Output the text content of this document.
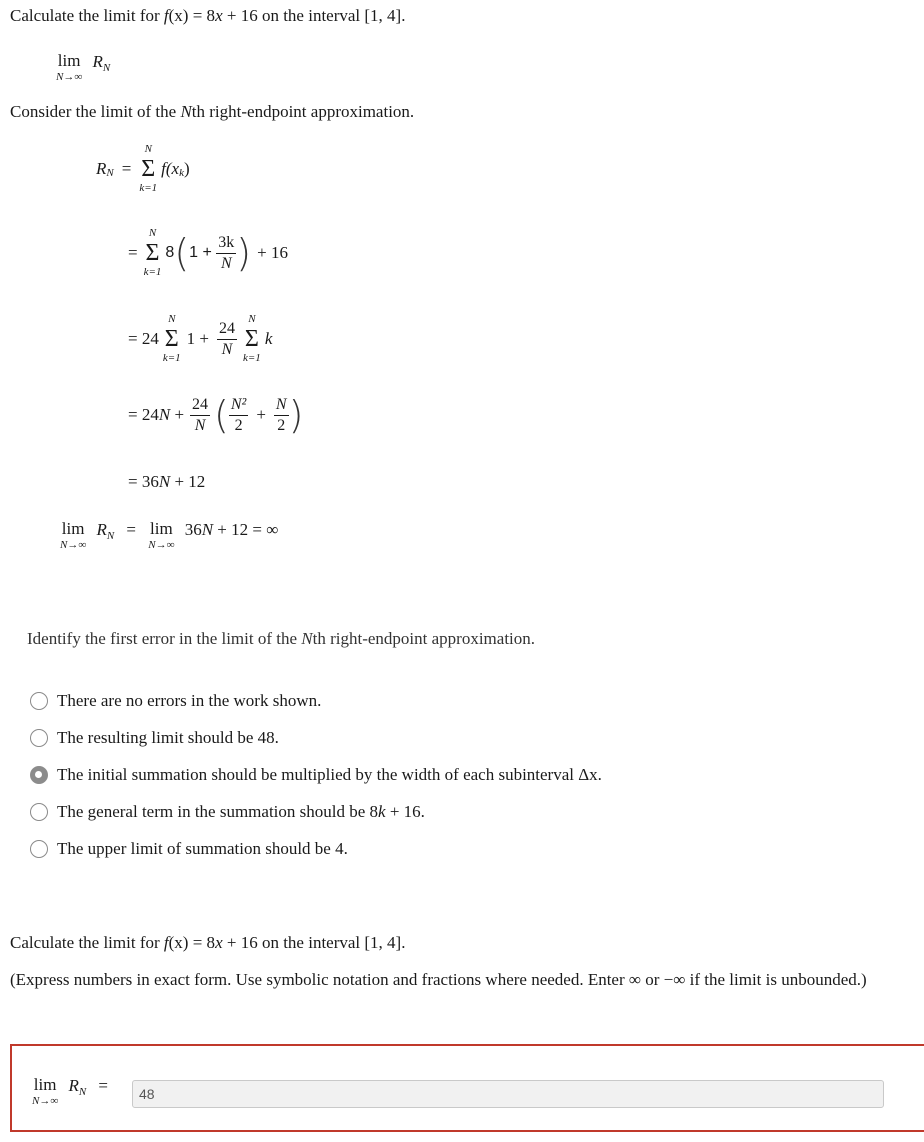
Calculate the limit for f(x) = 8x + 16 on the interval [1, 4].
lim
N→∞
$R_N$
Consider the limit of the Nth right-endpoint approximation.
R N =
N
Σ
k=1
f(x k )
=
N
Σ
k=1
8 ( $1 + \frac{3k}{N}$ ) + 16
= 24
N
Σ
k=1
$1 + \frac{24}{N}$
N
Σ
k=1
k
= 24 $N + \frac{24}{N}$ ( $\frac{\text{N²}}{2} + \frac{N}{2}$ )
= 36N + 12
lim
N→∞
$R_N = \lim$
N→∞
36N + 12 = ∞
Identify the first error in the limit of the Nth right-endpoint approximation.
There are no errors in the work shown.
The resulting limit should be 48.
The initial summation should be multiplied by the width of each subinterval Δx.
The general term in the summation should be 8k + 16.
The upper limit of summation should be 4.
Calculate the limit for f(x) = 8x + 16 on the interval [1, 4].
(Express numbers in exact form. Use symbolic notation and fractions where needed. Enter ∞ or −∞ if the limit is unbounded.)
lim
N→∞
$R_N$ =	48
